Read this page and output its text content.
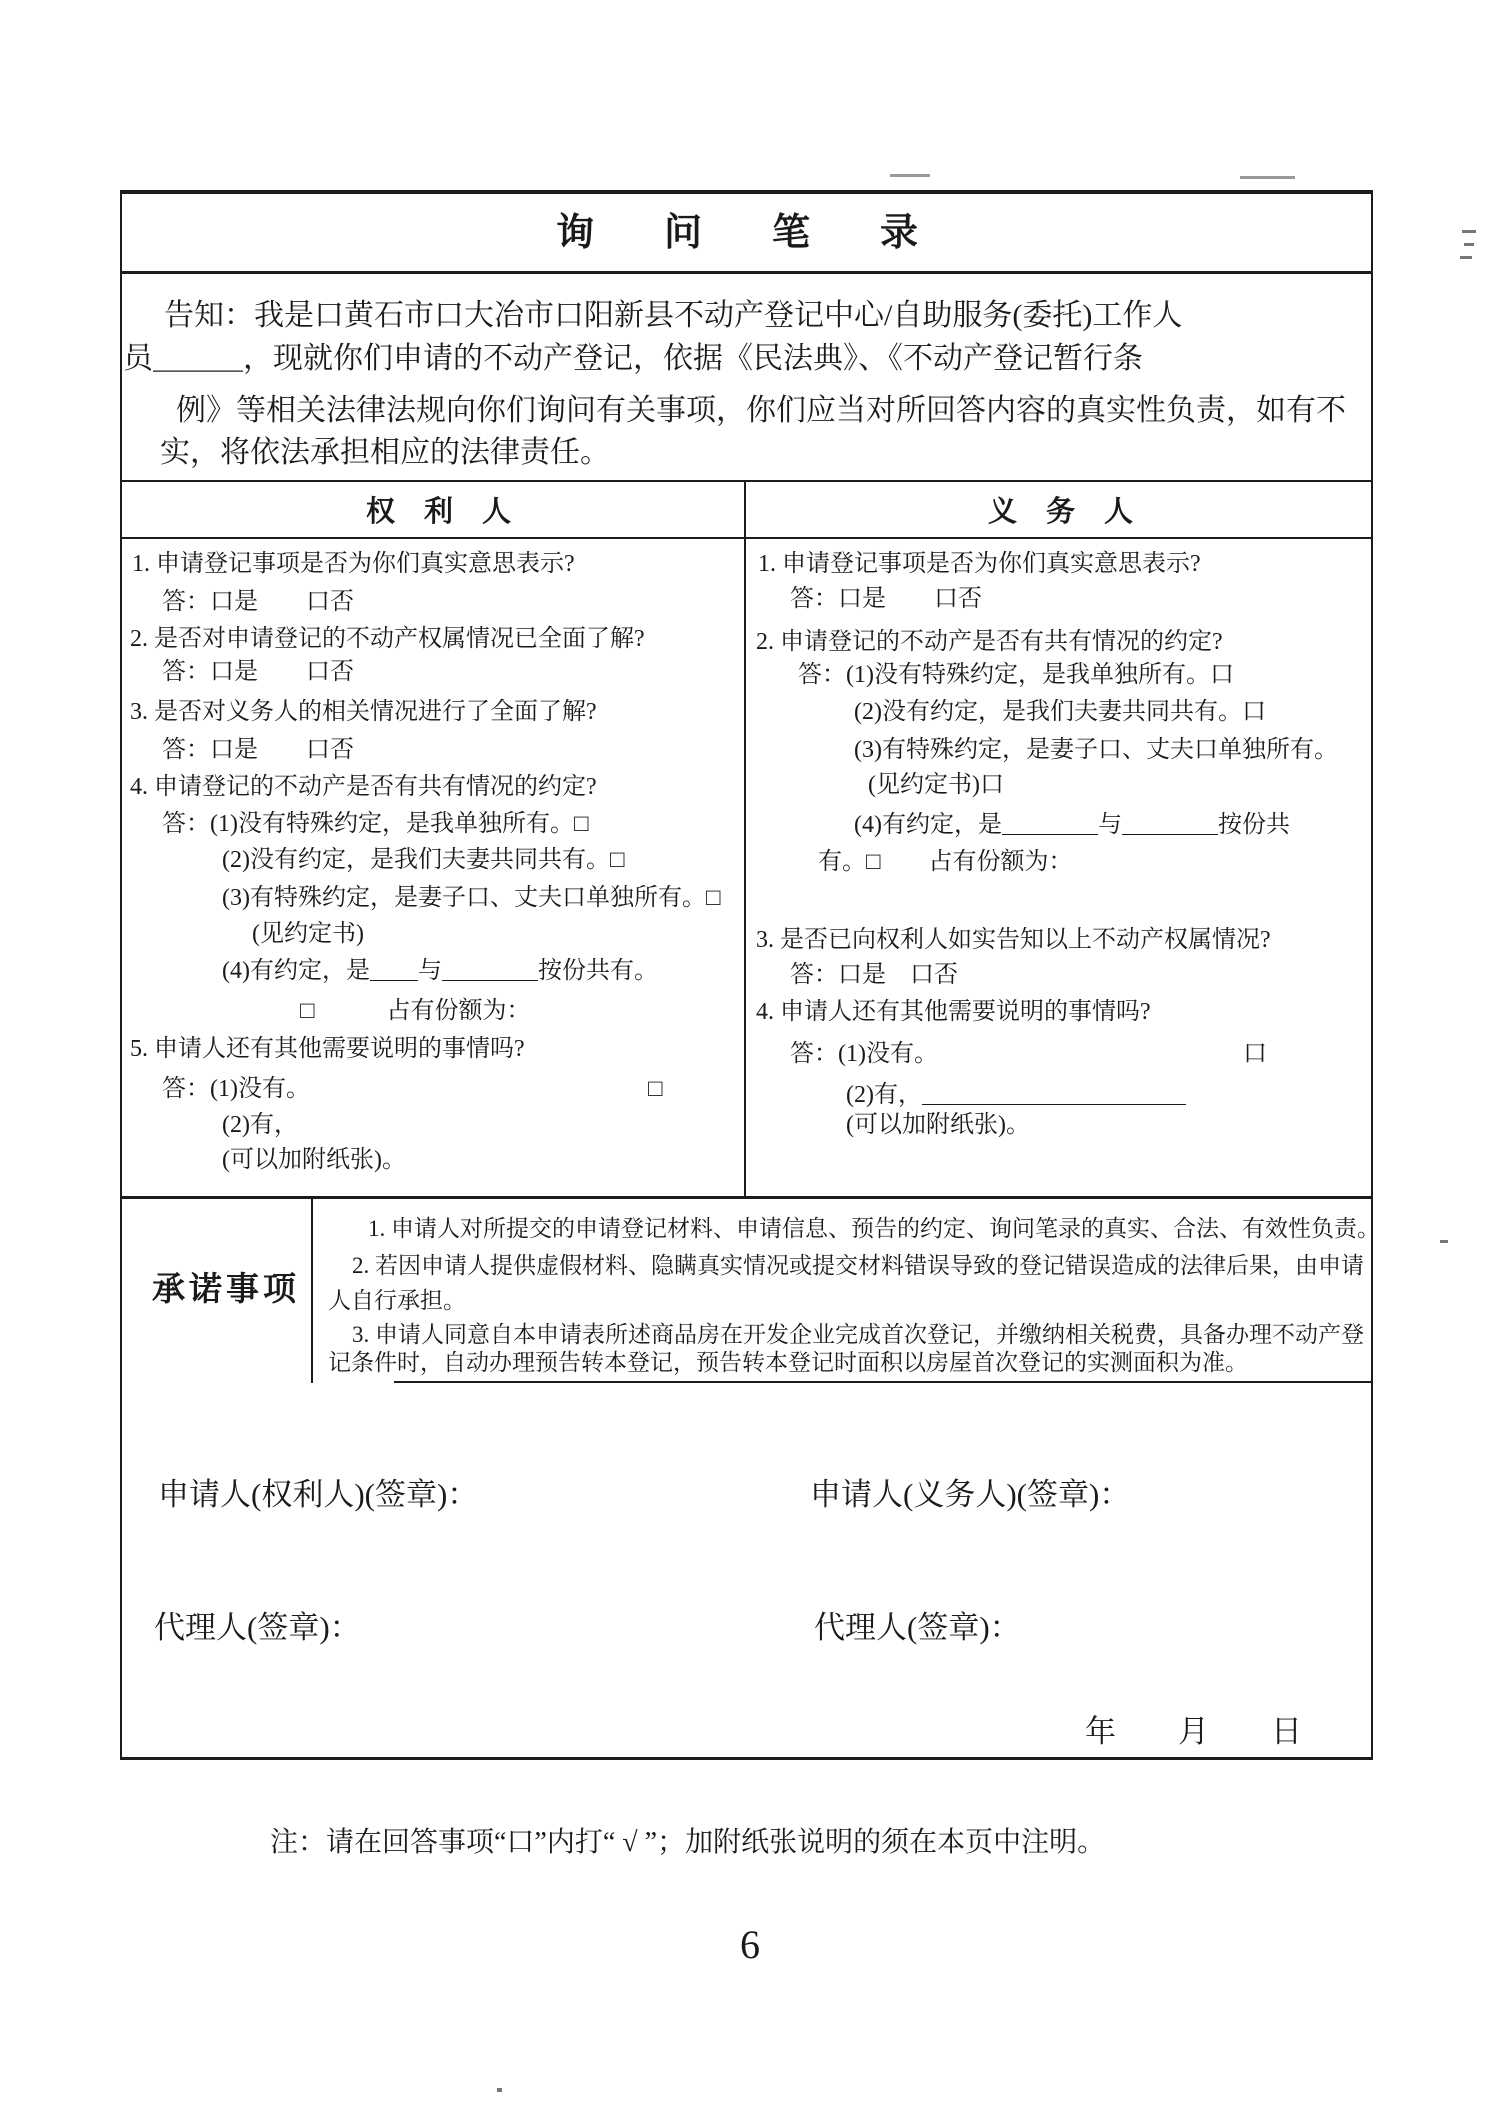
询问笔录
告知：我是口黄石市口大冶市口阳新县不动产登记中心/自助服务(委托)工作人
员＿＿＿，现就你们申请的不动产登记，依据《民法典》、《不动产登记暂行条
例》等相关法律法规向你们询问有关事项，你们应当对所回答内容的真实性负责，如有不
实，将依法承担相应的法律责任。
权　利　人	义　务　人
1. 申请登记事项是否为你们真实意思表示?
答：口是　　口否
2. 是否对申请登记的不动产权属情况已全面了解?
答：口是　　口否
3. 是否对义务人的相关情况进行了全面了解?
答：口是　　口否
4. 申请登记的不动产是否有共有情况的约定?
答：(1)没有特殊约定，是我单独所有。□
(2)没有约定，是我们夫妻共同共有。□
(3)有特殊约定，是妻子口、丈夫口单独所有。□
(见约定书)
(4)有约定，是＿＿与＿＿＿＿按份共有。
□　　　占有份额为：
5. 申请人还有其他需要说明的事情吗?
答：(1)没有。	□
(2)有，
(可以加附纸张)。
1. 申请登记事项是否为你们真实意思表示?
答：口是　　口否
2. 申请登记的不动产是否有共有情况的约定?
答：(1)没有特殊约定，是我单独所有。口
(2)没有约定，是我们夫妻共同共有。口
(3)有特殊约定，是妻子口、丈夫口单独所有。
(见约定书)口
(4)有约定，是＿＿＿＿与＿＿＿＿按份共
有。□　　占有份额为：
3. 是否已向权利人如实告知以上不动产权属情况?
答：口是　口否
4. 申请人还有其他需要说明的事情吗?
答：(1)没有。	口
(2)有，＿＿＿＿＿＿＿＿＿＿＿
(可以加附纸张)。
承诺事项
1. 申请人对所提交的申请登记材料、申请信息、预告的约定、询问笔录的真实、合法、有效性负责。
2. 若因申请人提供虚假材料、隐瞒真实情况或提交材料错误导致的登记错误造成的法律后果，由申请
人自行承担。
3. 申请人同意自本申请表所述商品房在开发企业完成首次登记，并缴纳相关税费，具备办理不动产登
记条件时，自动办理预告转本登记，预告转本登记时面积以房屋首次登记的实测面积为准。
申请人(权利人)(签章)：	申请人(义务人)(签章)：
代理人(签章)：	代理人(签章)：
年　　月　　日
注：请在回答事项“口”内打“ √ ”；加附纸张说明的须在本页中注明。
6
